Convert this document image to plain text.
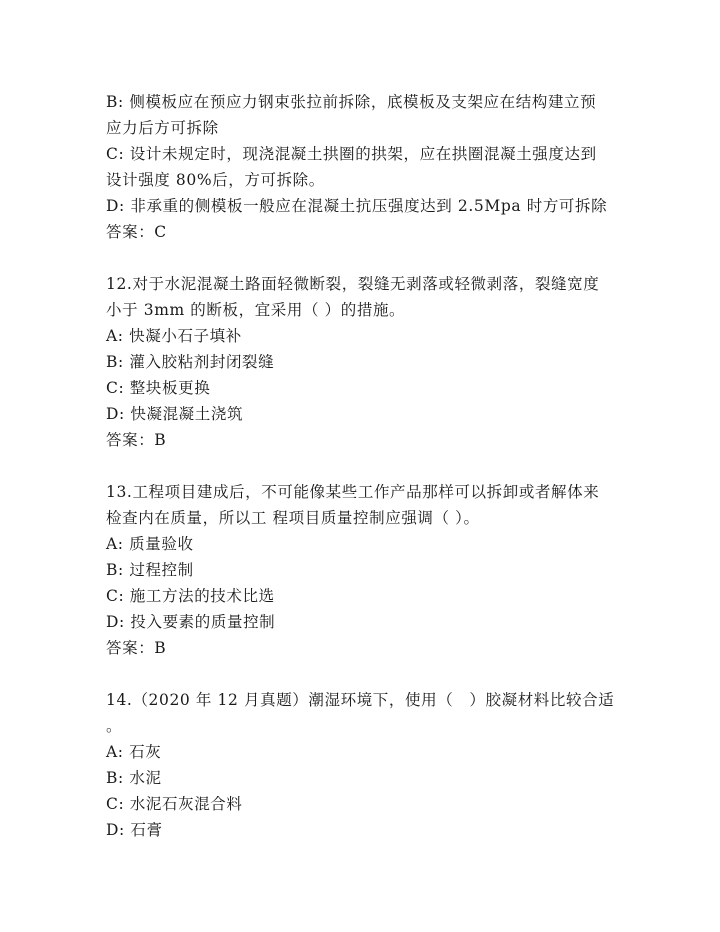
B: 侧模板应在预应力钢束张拉前拆除，底模板及支架应在结构建立预
应力后方可拆除
C: 设计未规定时，现浇混凝土拱圈的拱架，应在拱圈混凝土强度达到
设计强度 80%后，方可拆除。
D: 非承重的侧模板一般应在混凝土抗压强度达到 2.5Mpa 时方可拆除
答案：C
12.对于水泥混凝土路面轻微断裂，裂缝无剥落或轻微剥落，裂缝宽度
小于 3mm 的断板，宜采用（ ）的措施。
A: 快凝小石子填补
B: 灌入胶粘剂封闭裂缝
C: 整块板更换
D: 快凝混凝土浇筑
答案：B
13.工程项目建成后，不可能像某些工作产品那样可以拆卸或者解体来
检查内在质量，所以工 程项目质量控制应强调（ ）。
A: 质量验收
B: 过程控制
C: 施工方法的技术比选
D: 投入要素的质量控制
答案：B
14.（2020 年 12 月真题）潮湿环境下，使用（　）胶凝材料比较合适
。
A: 石灰
B: 水泥
C: 水泥石灰混合料
D: 石膏
